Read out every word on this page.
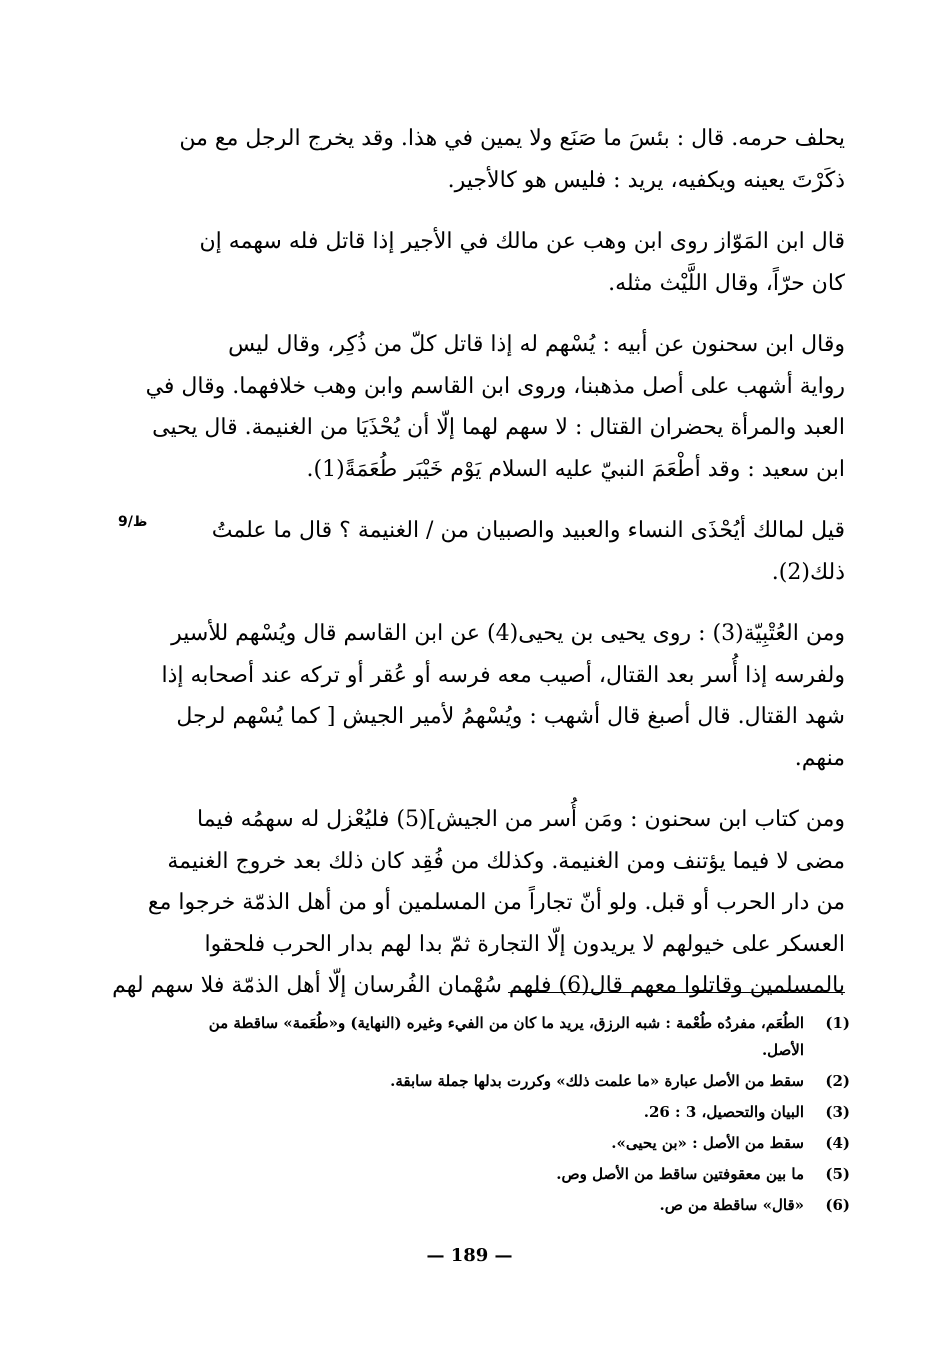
يحلف حرمه. قال : بئسَ ما صَنَع ولا يمين في هذا. وقد يخرج الرجل مع من
ذكَرْتَ يعينه ويكفيه، يريد : فليس هو كالأجير.

قال ابن المَوّاز روى ابن وهب عن مالك في الأجير إذا قاتل فله سهمه إن
كان حرّاً، وقال اللَّيْث مثله.

وقال ابن سحنون عن أبيه : يُسْهم له إذا قاتل كلّ من ذُكِر، وقال ليس
رواية أشهب على أصل مذهبنا، وروى ابن القاسم وابن وهب خلافهما. وقال في
العبد والمرأة يحضران القتال : لا سهم لهما إلّا أن يُحْذَيَا من الغنيمة. قال يحيى
ابن سعيد : وقد أطْعَمَ النبيّ عليه السلام يَوْم خَيْبَر طُعَمَةً(1).

قيل لمالك أيُحْذَى النساء والعبيد والصبيان من / الغنيمة ؟ قال ما علمتُ
ذلك(2).

ومن العُتْبِيّة(3) : روى يحيى بن يحيى(4) عن ابن القاسم قال ويُسْهم للأسير
ولفرسه إذا أُسر بعد القتال، أصيب معه فرسه أو عُقر أو تركه عند أصحابه إذا
شهد القتال. قال أصبغ قال أشهب : ويُسْهمُ لأمير الجيش [ كما يُسْهم لرجل
منهم.

ومن كتاب ابن سحنون : ومَن أُسر من الجيش](5) فليُعْزل له سهمُه فيما
مضى لا فيما يؤتنف ومن الغنيمة. وكذلك من فُقِد كان ذلك بعد خروج الغنيمة
من دار الحرب أو قبل. ولو أنّ تجاراً من المسلمين أو من أهل الذمّة خرجوا مع
العسكر على خيولهم لا يريدون إلّا التجارة ثمّ بدا لهم بدار الحرب فلحقوا
بالمسلمين وقاتلوا معهم قال(6) فلهم سُهْمان الفُرسان إلّا أهل الذمّة فلا سهم لهم

9/ظ
(1)
الطُعَم، مفردُه طُعْمة : شبه الرزق، يريد ما كان من الفيء وغيره (النهاية) و«طُعَمة» ساقطة من الأصل.
(2)
سقط من الأصل عبارة «ما علمت ذلك» وكررت بدلها جملة سابقة.
(3)
البيان والتحصيل، 3 : 26.
(4)
سقط من الأصل : «بن يحيى».
(5)
ما بين معقوفتين ساقط من الأصل وص.
(6)
«قال» ساقطة من ص.
— 189 —
